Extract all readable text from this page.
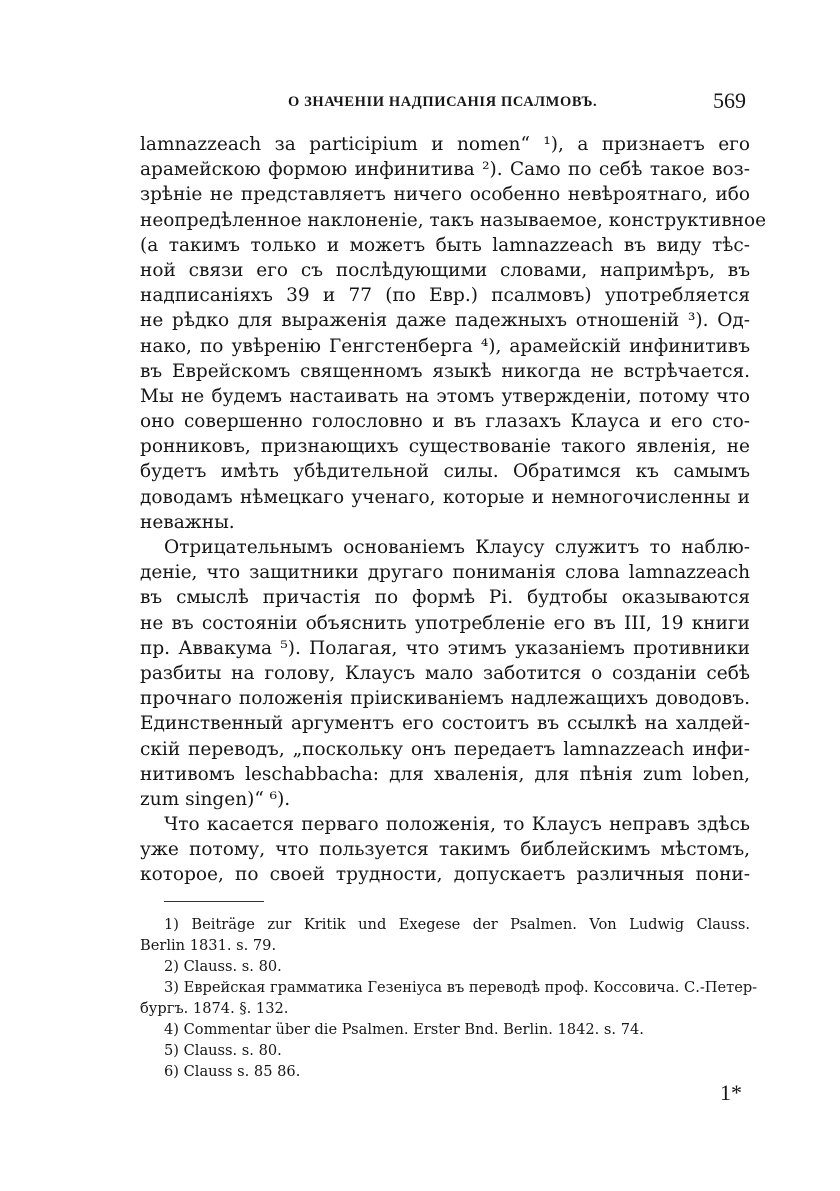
О ЗНАЧЕНІИ НАДПИСАНІЯ ПСАЛМОВЪ.	569
lamnazzeach за participium и nomen“ ¹), а признаетъ его
арамейскою формою инфинитива ²). Само по себѣ такое воз-
зрѣніе не представляетъ ничего особенно невѣроятнаго, ибо
неопредѣленное наклоненіе, такъ называемое, конструктивное
(а такимъ только и можетъ быть lamnazzeach въ виду тѣс-
ной связи его съ послѣдующими словами, напримѣръ, въ
надписаніяхъ 39 и 77 (по Евр.) псалмовъ) употребляется
не рѣдко для выраженія даже падежныхъ отношеній ³). Од-
нако, по увѣренію Генгстенберга ⁴), арамейскій инфинитивъ
въ Еврейскомъ священномъ языкѣ никогда не встрѣчается.
Мы не будемъ настаивать на этомъ утвержденіи, потому что
оно совершенно голословно и въ глазахъ Клауса и его сто-
ронниковъ, признающихъ существованіе такого явленія, не
будетъ имѣть убѣдительной силы. Обратимся къ самымъ
доводамъ нѣмецкаго ученаго, которые и немногочисленны и
неважны.
Отрицательнымъ основаніемъ Клаусу служитъ то наблю-
деніе, что защитники другаго пониманія слова lamnazzeach
въ смыслѣ причастія по формѣ Pi. будтобы оказываются
не въ состояніи объяснить употребленіе его въ III, 19 книги
пр. Аввакума ⁵). Полагая, что этимъ указаніемъ противники
разбиты на голову, Клаусъ мало заботится о созданіи себѣ
прочнаго положенія пріискиваніемъ надлежащихъ доводовъ.
Единственный аргументъ его состоитъ въ ссылкѣ на халдей-
скій переводъ, „поскольку онъ передаетъ lamnazzeach инфи-
нитивомъ leschabbacha: для хваленія, для пѣнія zum loben,
zum singen)“ ⁶).
Что касается перваго положенія, то Клаусъ неправъ здѣсь
уже потому, что пользуется такимъ библейскимъ мѣстомъ,
которое, по своей трудности, допускаетъ различныя пони-
1) Beiträge zur Kritik und Exegese der Psalmen. Von Ludwig Clauss.
Berlin 1831. s. 79.
2) Clauss. s. 80.
3) Еврейская грамматика Гезеніуса въ переводѣ проф. Коссовича. С.-Петер-
бургъ. 1874. §. 132.
4) Commentar über die Psalmen. Erster Bnd. Berlin. 1842. s. 74.
5) Clauss. s. 80.
6) Clauss s. 85 86.
1*
